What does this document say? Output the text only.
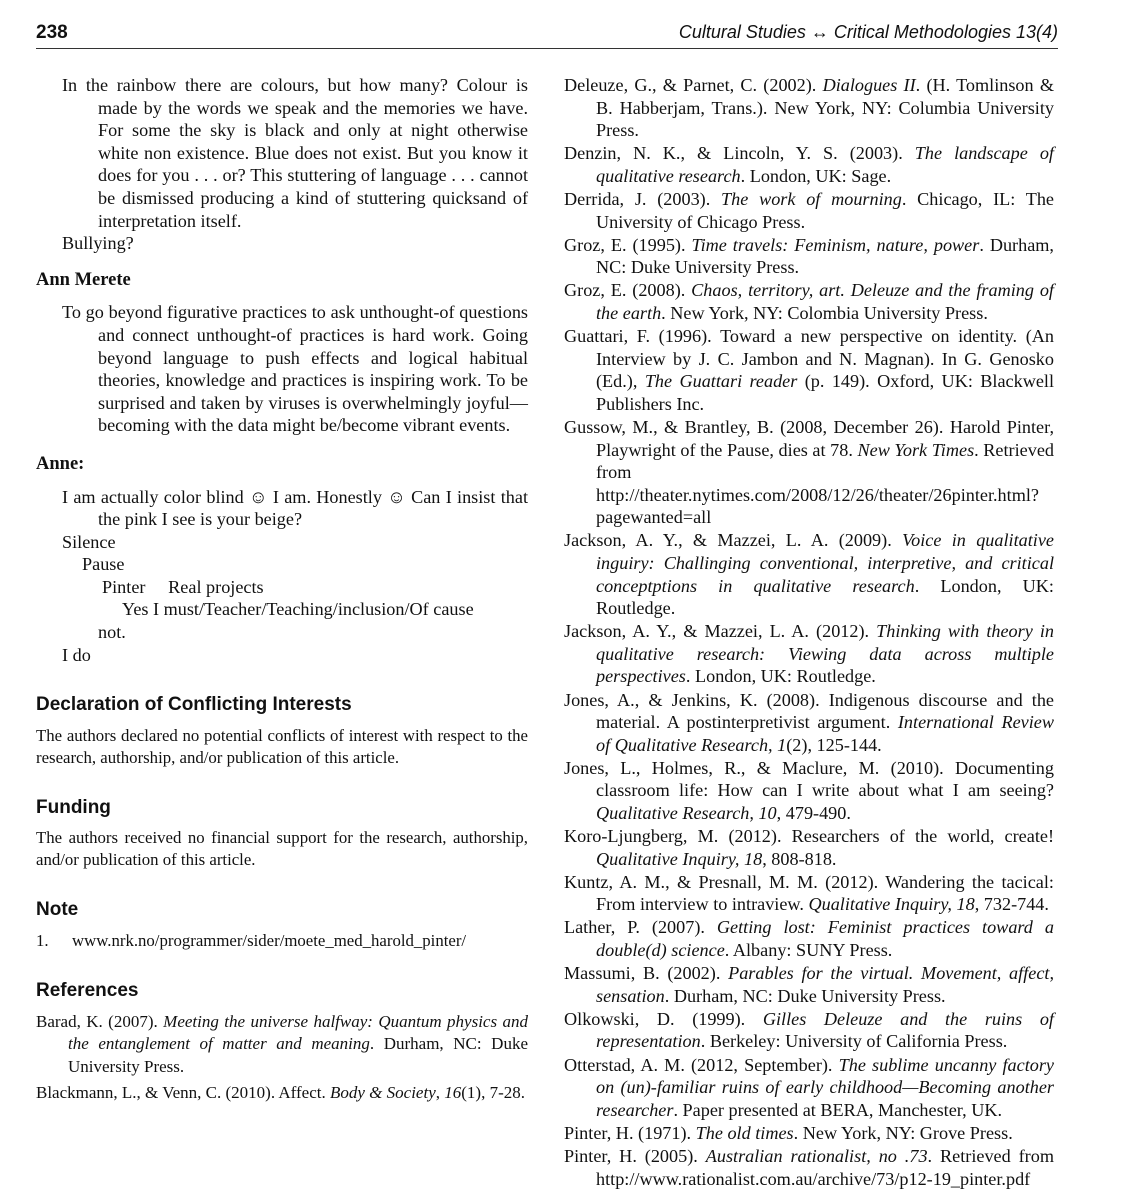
238	Cultural Studies ↔ Critical Methodologies 13(4)

In the rainbow there are colours, but how many? Colour is made by the words we speak and the memories we have. For some the sky is black and only at night otherwise white non existence. Blue does not exist. But you know it does for you . . . or? This stuttering of language . . . cannot be dismissed producing a kind of stuttering quicksand of interpretation itself.

Bullying?

Ann Merete

To go beyond figurative practices to ask unthought-of questions and connect unthought-of practices is hard work. Going beyond language to push effects and logical habitual theories, knowledge and practices is inspiring work. To be surprised and taken by viruses is overwhelmingly joyful—becoming with the data might be/become vibrant events.

Anne:

I am actually color blind ☺ I am. Honestly ☺ Can I insist that the pink I see is your beige?

Silence

Pause

Pinter     Real projects

Yes I must/Teacher/Teaching/inclusion/Of cause

not.

I do

Declaration of Conflicting Interests

The authors declared no potential conflicts of interest with respect to the research, authorship, and/or publication of this article.

Funding

The authors received no financial support for the research, authorship, and/or publication of this article.

Note
1.	www.nrk.no/programmer/sider/moete_med_harold_pinter/
References

Barad, K. (2007). Meeting the universe halfway: Quantum physics and the entanglement of matter and meaning. Durham, NC: Duke University Press.

Blackmann, L., & Venn, C. (2010). Affect. Body & Society, 16(1), 7-28.

Deleuze, G., & Parnet, C. (2002). Dialogues II. (H. Tomlinson & B. Habberjam, Trans.). New York, NY: Columbia University Press.

Denzin, N. K., & Lincoln, Y. S. (2003). The landscape of qualitative research. London, UK: Sage.

Derrida, J. (2003). The work of mourning. Chicago, IL: The University of Chicago Press.

Groz, E. (1995). Time travels: Feminism, nature, power. Durham, NC: Duke University Press.

Groz, E. (2008). Chaos, territory, art. Deleuze and the framing of the earth. New York, NY: Colombia University Press.

Guattari, F. (1996). Toward a new perspective on identity. (An Interview by J. C. Jambon and N. Magnan). In G. Genosko (Ed.), The Guattari reader (p. 149). Oxford, UK: Blackwell Publishers Inc.

Gussow, M., & Brantley, B. (2008, December 26). Harold Pinter, Playwright of the Pause, dies at 78. New York Times. Retrieved from http://theater.nytimes.com/2008/12/26/theater/26pinter.html?pagewanted=all

Jackson, A. Y., & Mazzei, L. A. (2009). Voice in qualitative inguiry: Challinging conventional, interpretive, and critical conceptptions in qualitative research. London, UK: Routledge.

Jackson, A. Y., & Mazzei, L. A. (2012). Thinking with theory in qualitative research: Viewing data across multiple perspectives. London, UK: Routledge.

Jones, A., & Jenkins, K. (2008). Indigenous discourse and the material. A postinterpretivist argument. International Review of Qualitative Research, 1(2), 125-144.

Jones, L., Holmes, R., & Maclure, M. (2010). Documenting classroom life: How can I write about what I am seeing? Qualitative Research, 10, 479-490.

Koro-Ljungberg, M. (2012). Researchers of the world, create! Qualitative Inquiry, 18, 808-818.

Kuntz, A. M., & Presnall, M. M. (2012). Wandering the tacical: From interview to intraview. Qualitative Inquiry, 18, 732-744.

Lather, P. (2007). Getting lost: Feminist practices toward a double(d) science. Albany: SUNY Press.

Massumi, B. (2002). Parables for the virtual. Movement, affect, sensation. Durham, NC: Duke University Press.

Olkowski, D. (1999). Gilles Deleuze and the ruins of representation. Berkeley: University of California Press.

Otterstad, A. M. (2012, September). The sublime uncanny factory on (un)-familiar ruins of early childhood—Becoming another researcher. Paper presented at BERA, Manchester, UK.

Pinter, H. (1971). The old times. New York, NY: Grove Press.

Pinter, H. (2005). Australian rationalist, no .73. Retrieved from http://www.rationalist.com.au/archive/73/p12-19_pinter.pdf
